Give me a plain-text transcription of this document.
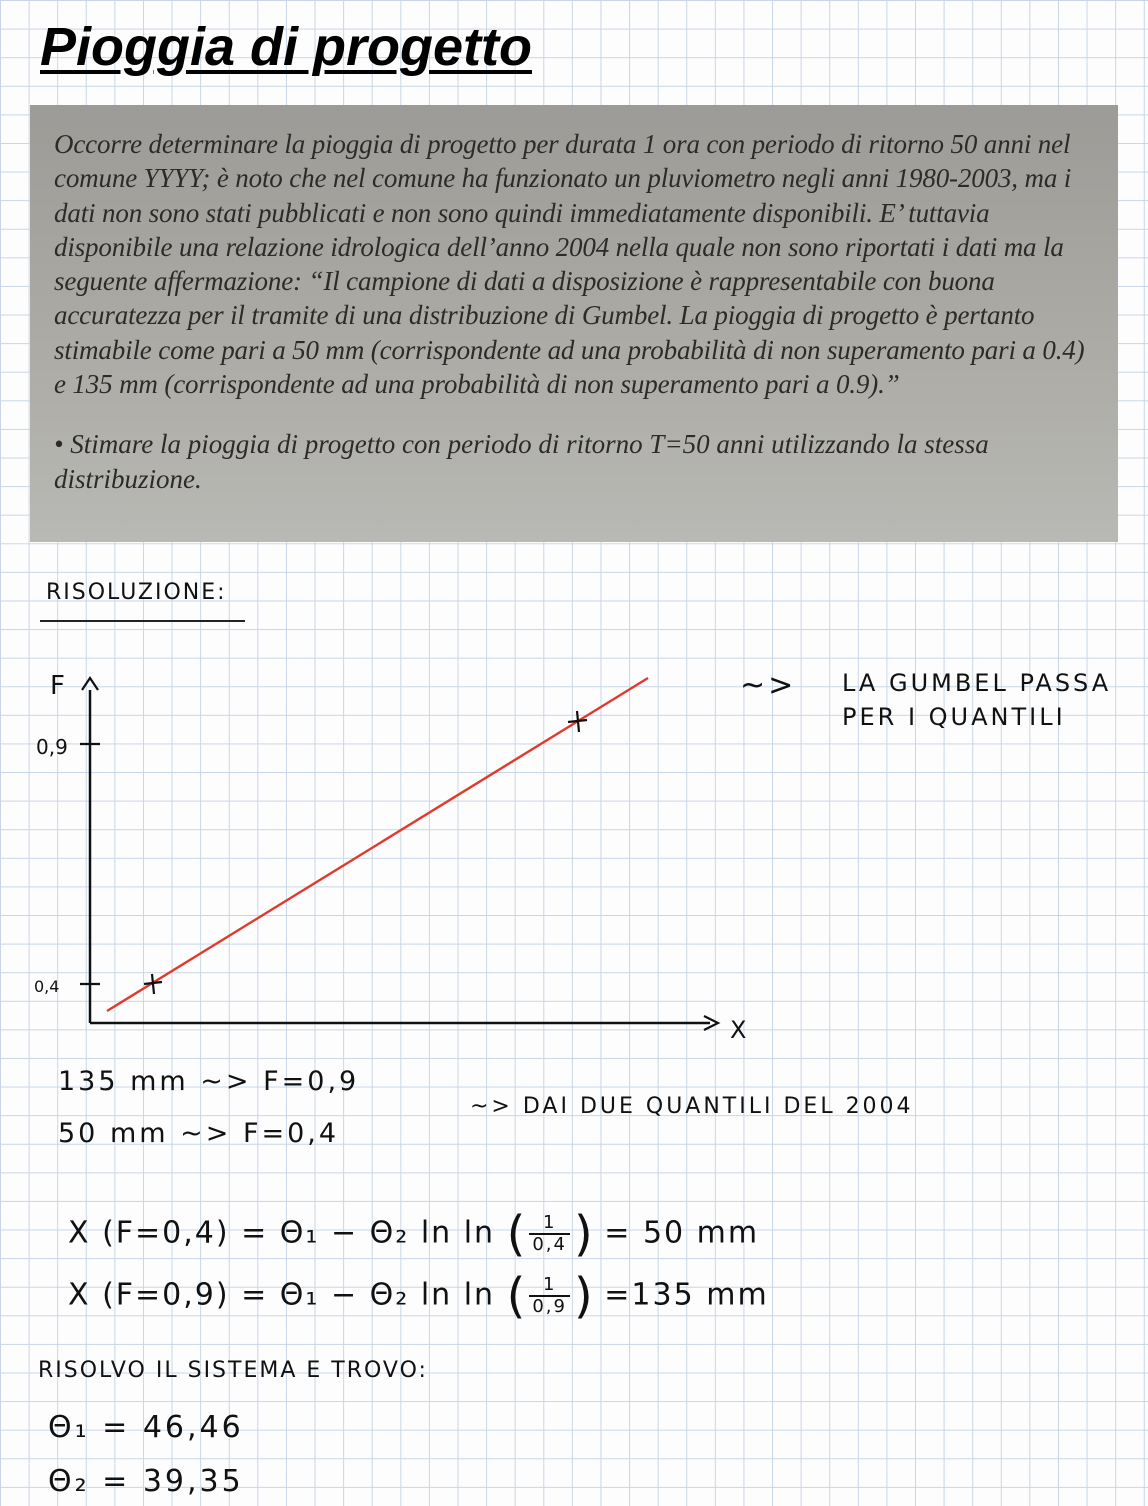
Pioggia di progetto

Occorre determinare la pioggia di progetto per durata 1 ora con periodo di ritorno 50 anni nel comune YYYY; è noto che nel comune ha funzionato un pluviometro negli anni 1980-2003, ma i dati non sono stati pubblicati e non sono quindi immediatamente disponibili. E’ tuttavia disponibile una relazione idrologica dell’anno 2004 nella quale non sono riportati i dati ma la seguente affermazione: “Il campione di dati a disposizione è rappresentabile con buona accuratezza per il tramite di una distribuzione di Gumbel. La pioggia di progetto è pertanto stimabile come pari a 50 mm (corrispondente ad una probabilità di non superamento pari a 0.4) e 135 mm (corrispondente ad una probabilità di non superamento pari a 0.9).”

• Stimare la pioggia di progetto con periodo di ritorno T=50 anni utilizzando la stessa distribuzione.

RISOLUZIONE:
~> LA GUMBEL PASSA
PER I QUANTILI
F
X
0,9
0,4
135 mm ~> F=0,9
50 mm ~> F=0,4
~> DAI DUE QUANTILI DEL 2004
X (F=0,4) = Θ₁ − Θ₂ ln ln ( $\frac{1}{0,4}$ ) = 50 mm
X (F=0,9) = Θ₁ − Θ₂ ln ln ( $\frac{1}{0,9}$ ) =135 mm
RISOLVO IL SISTEMA E TROVO:
Θ₁ = 46,46
Θ₂ = 39,35
